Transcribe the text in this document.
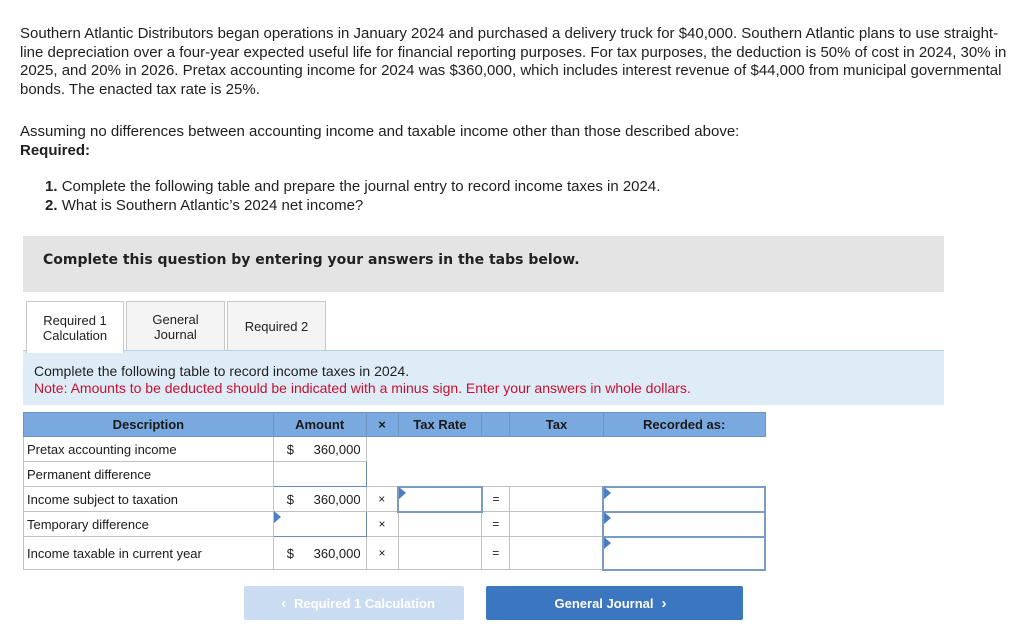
Southern Atlantic Distributors began operations in January 2024 and purchased a delivery truck for $40,000. Southern Atlantic plans to use straight-line depreciation over a four-year expected useful life for financial reporting purposes. For tax purposes, the deduction is 50% of cost in 2024, 30% in 2025, and 20% in 2026. Pretax accounting income for 2024 was $360,000, which includes interest revenue of $44,000 from municipal governmental bonds. The enacted tax rate is 25%.
Assuming no differences between accounting income and taxable income other than those described above:
Required:
1. Complete the following table and prepare the journal entry to record income taxes in 2024.
2. What is Southern Atlantic’s 2024 net income?
Complete this question by entering your answers in the tabs below.
Required 1
Calculation
General
Journal	Required 2
Complete the following table to record income taxes in 2024.
Note: Amounts to be deducted should be indicated with a minus sign. Enter your answers in whole dollars.
Description	Amount	×	Tax Rate		Tax	Recorded as:
Pretax accounting income	$ 360,000					

Permanent difference		
Income subject to taxation	$ 360,000	×		=		

Temporary difference		×		=		

Income taxable in current year	$ 360,000	×		=		
‹ Required 1 Calculation	General Journal ›
